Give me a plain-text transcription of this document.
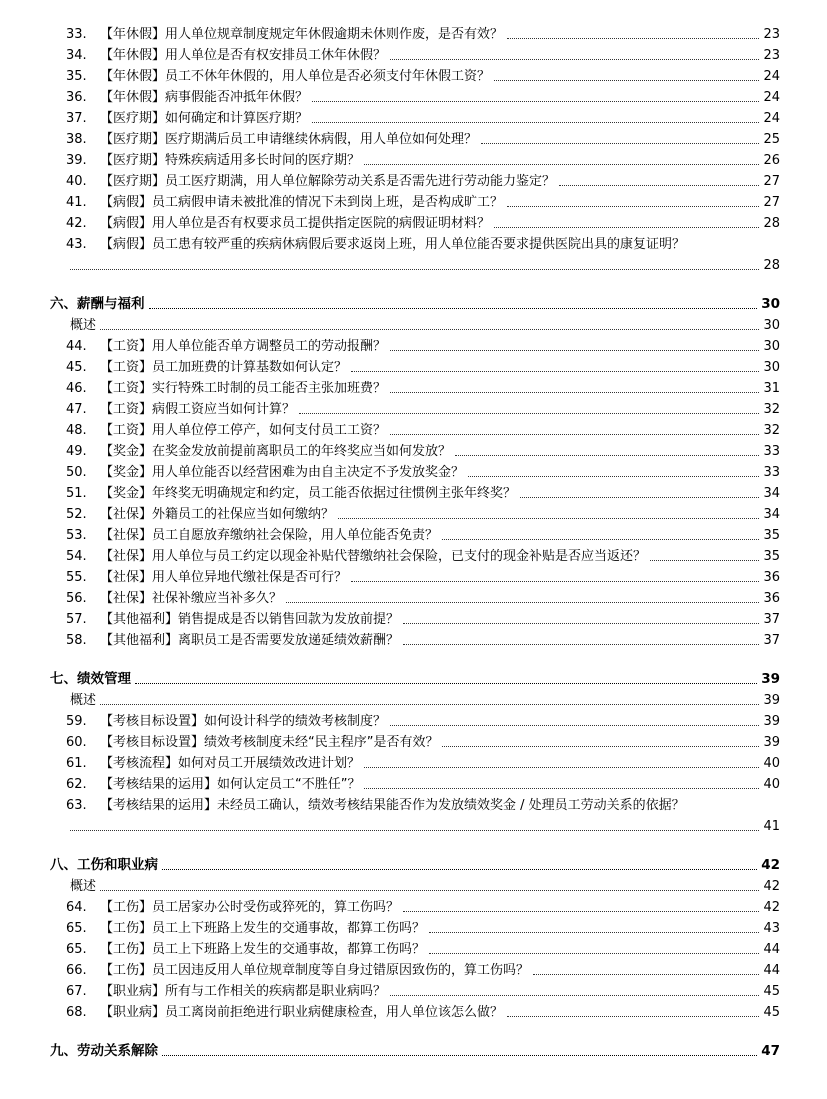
33.	【年休假】用人单位规章制度规定年休假逾期未休则作废，是否有效？	23
34.	【年休假】用人单位是否有权安排员工休年休假？	23
35.	【年休假】员工不休年休假的，用人单位是否必须支付年休假工资？	24
36.	【年休假】病事假能否冲抵年休假？	24
37.	【医疗期】如何确定和计算医疗期？	24
38.	【医疗期】医疗期满后员工申请继续休病假，用人单位如何处理？	25
39.	【医疗期】特殊疾病适用多长时间的医疗期？	26
40.	【医疗期】员工医疗期满，用人单位解除劳动关系是否需先进行劳动能力鉴定？	27
41.	【病假】员工病假申请未被批准的情况下未到岗上班，是否构成旷工？	27
42.	【病假】用人单位是否有权要求员工提供指定医院的病假证明材料？	28
43.	【病假】员工患有较严重的疾病休病假后要求返岗上班，用人单位能否要求提供医院出具的康复证明？
28
六、薪酬与福利	30
概述	30
44.	【工资】用人单位能否单方调整员工的劳动报酬？	30
45.	【工资】员工加班费的计算基数如何认定？	30
46.	【工资】实行特殊工时制的员工能否主张加班费？	31
47.	【工资】病假工资应当如何计算？	32
48.	【工资】用人单位停工停产，如何支付员工工资？	32
49.	【奖金】在奖金发放前提前离职员工的年终奖应当如何发放？	33
50.	【奖金】用人单位能否以经营困难为由自主决定不予发放奖金？	33
51.	【奖金】年终奖无明确规定和约定，员工能否依据过往惯例主张年终奖？	34
52.	【社保】外籍员工的社保应当如何缴纳？	34
53.	【社保】员工自愿放弃缴纳社会保险，用人单位能否免责？	35
54.	【社保】用人单位与员工约定以现金补贴代替缴纳社会保险，已支付的现金补贴是否应当返还？	35
55.	【社保】用人单位异地代缴社保是否可行？	36
56.	【社保】社保补缴应当补多久？	36
57.	【其他福利】销售提成是否以销售回款为发放前提？	37
58.	【其他福利】离职员工是否需要发放递延绩效薪酬？	37
七、绩效管理	39
概述	39
59.	【考核目标设置】如何设计科学的绩效考核制度？	39
60.	【考核目标设置】绩效考核制度未经“民主程序”是否有效？	39
61.	【考核流程】如何对员工开展绩效改进计划？	40
62.	【考核结果的运用】如何认定员工“不胜任”？	40
63.	【考核结果的运用】未经员工确认，绩效考核结果能否作为发放绩效奖金 / 处理员工劳动关系的依据？
41
八、工伤和职业病	42
概述	42
64.	【工伤】员工居家办公时受伤或猝死的，算工伤吗？	42
65.	【工伤】员工上下班路上发生的交通事故，都算工伤吗？	43
65.	【工伤】员工上下班路上发生的交通事故，都算工伤吗？	44
66.	【工伤】员工因违反用人单位规章制度等自身过错原因致伤的，算工伤吗？	44
67.	【职业病】所有与工作相关的疾病都是职业病吗？	45
68.	【职业病】员工离岗前拒绝进行职业病健康检查，用人单位该怎么做？	45
九、劳动关系解除	47
